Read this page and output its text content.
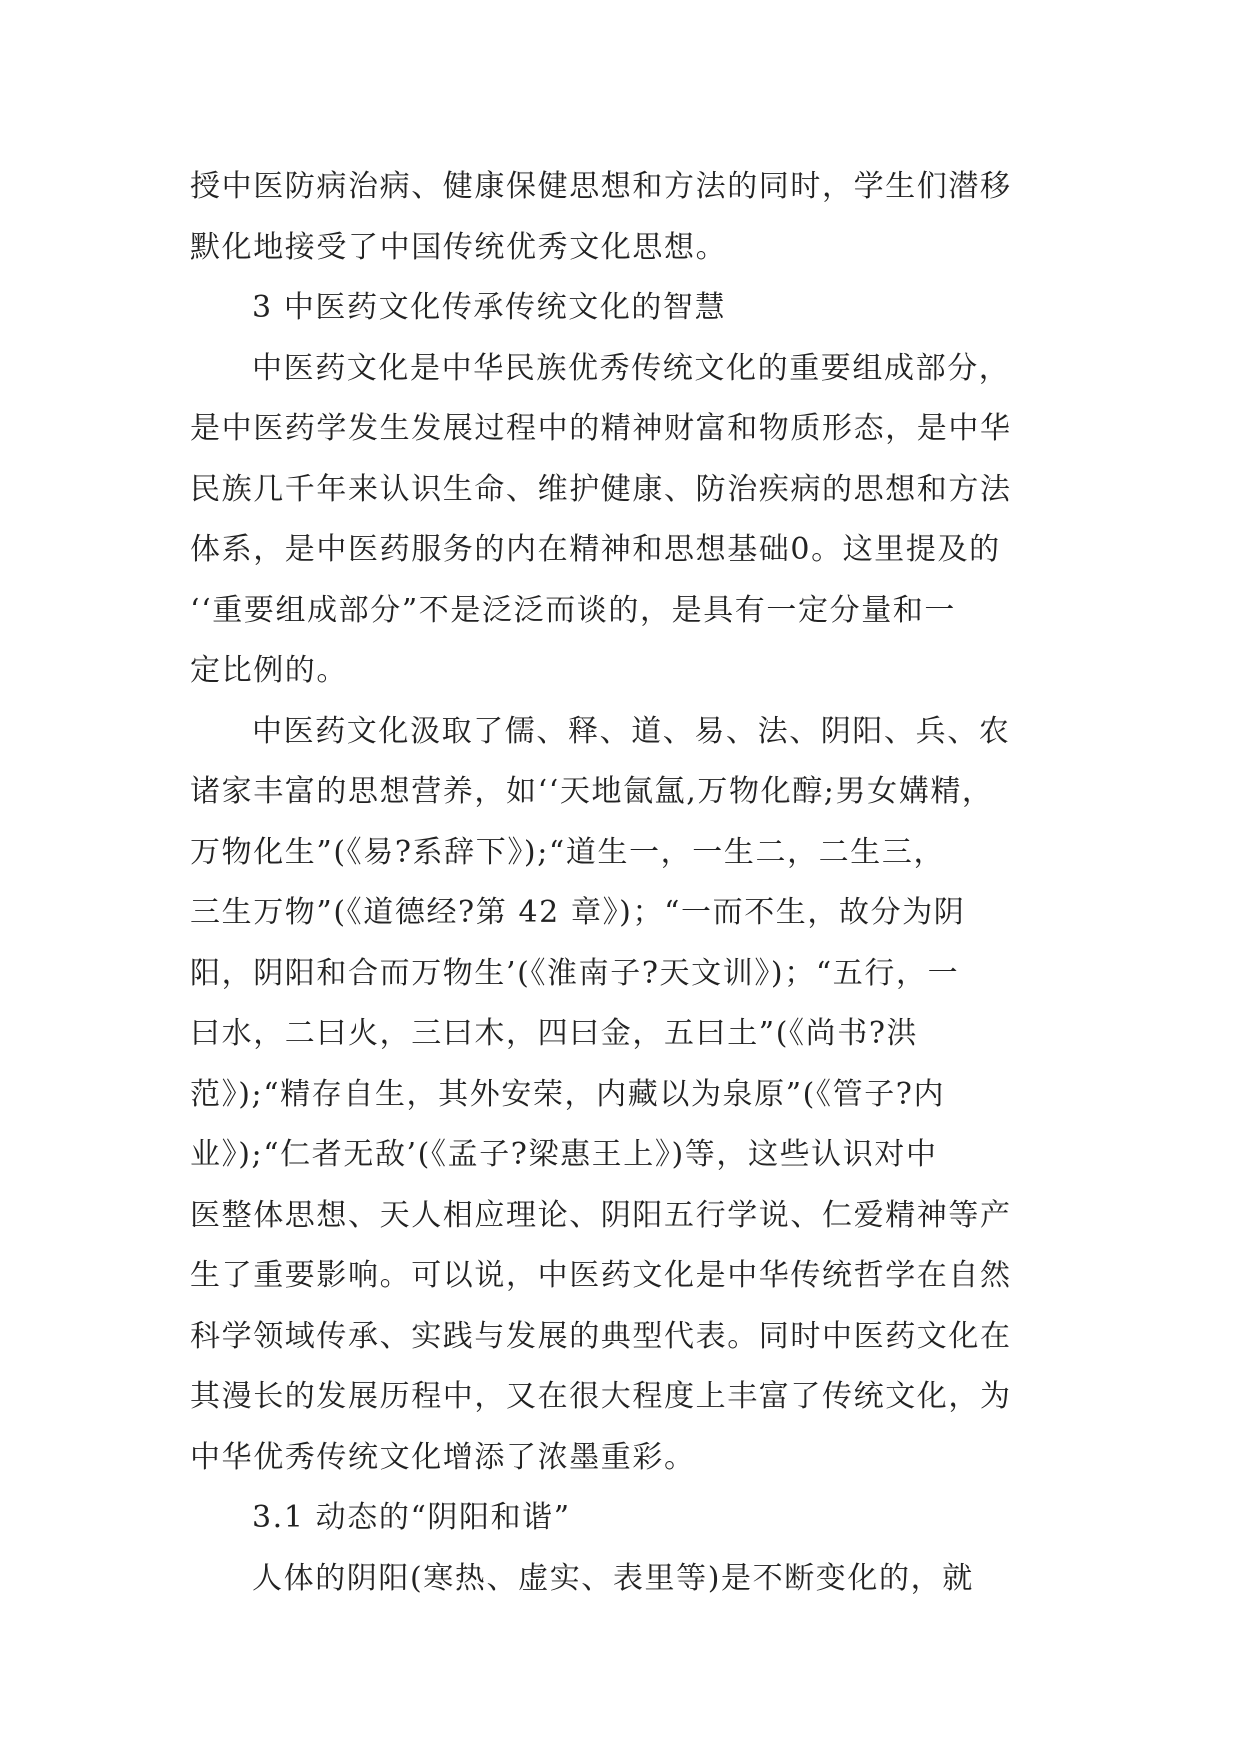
授中医防病治病、健康保健思想和方法的同时，学生们潜移
默化地接受了中国传统优秀文化思想。
3 中医药文化传承传统文化的智慧
中医药文化是中华民族优秀传统文化的重要组成部分，
是中医药学发生发展过程中的精神财富和物质形态，是中华
民族几千年来认识生命、维护健康、防治疾病的思想和方法
体系，是中医药服务的内在精神和思想基础0。这里提及的
‘‘重要组成部分”不是泛泛而谈的，是具有一定分量和一
定比例的。
中医药文化汲取了儒、释、道、易、法、阴阳、兵、农
诸家丰富的思想营养，如‘‘天地氤氲,万物化醇;男女媾精，
万物化生”(《易?系辞下》);“道生一，一生二，二生三，
三生万物”(《道德经?第 42 章》)；“一而不生，故分为阴
阳，阴阳和合而万物生’(《淮南子?天文训》)；“五行，一
曰水，二曰火，三曰木，四曰金，五曰土”(《尚书?洪
范》);“精存自生，其外安荣，内藏以为泉原”(《管子?内
业》);“仁者无敌’(《孟子?梁惠王上》)等，这些认识对中
医整体思想、天人相应理论、阴阳五行学说、仁爱精神等产
生了重要影响。可以说，中医药文化是中华传统哲学在自然
科学领域传承、实践与发展的典型代表。同时中医药文化在
其漫长的发展历程中，又在很大程度上丰富了传统文化，为
中华优秀传统文化增添了浓墨重彩。
3.1 动态的“阴阳和谐”
人体的阴阳(寒热、虚实、表里等)是不断变化的，就
